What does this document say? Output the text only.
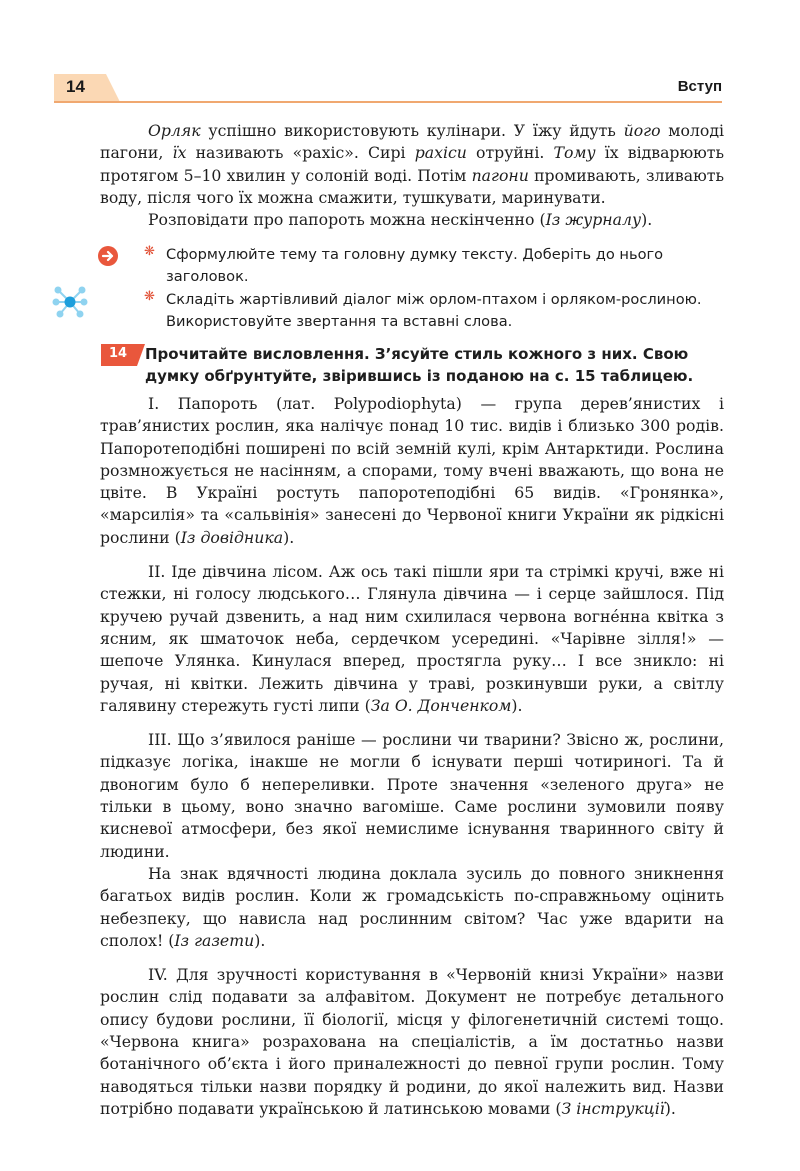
14	Вступ

Орляк успішно використовують кулінари. У їжу йдуть його молоді пагони, їх називають «рахіс». Сирі рахіси отруйні. Тому їх відварюють протягом 5–10 хвилин у солоній воді. Потім пагони промивають, зливають воду, після чого їх можна смажити, тушкувати, маринувати.

Розповідати про папороть можна нескінченно (Із журналу).

❋ Сформулюйте тему та головну думку тексту. Доберіть до нього заголовок.
❋ Складіть жартівливий діалог між орлом-птахом і орляком-рослиною. Використовуйте звертання та вставні слова.
14 Прочитайте висловлення. З’ясуйте стиль кожного з них. Свою думку обґрунтуйте, звірившись із поданою на с. 15 таблицею.

І. Папороть (лат. Polypodiophyta) — група дерев’янистих і трав’янистих рослин, яка налічує понад 10 тис. видів і близько 300 родів. Папоротеподібні поширені по всій земній кулі, крім Антарктиди. Рослина розмножується не насінням, а спорами, тому вчені вважають, що вона не цвіте. В Україні ростуть папоротеподібні 65 видів. «Гронянка», «марсилія» та «сальвінія» занесені до Червоної книги України як рідкісні рослини (Із довідника).

ІІ. Іде дівчина лісом. Аж ось такі пішли яри та стрімкі кручі, вже ні стежки, ні голосу людського… Глянула дівчина — і серце зайшлося. Під кручею ручай дзвенить, а над ним схилилася червона вогне́нна квітка з ясним, як шматочок неба, сердечком усередині. «Чарівне зілля!» — шепоче Улянка. Кинулася вперед, простягла руку… І все зникло: ні ручая, ні квітки. Лежить дівчина у траві, розкинувши руки, а світлу галявину стережуть густі липи (За О. Донченком).

ІІІ. Що з’явилося раніше — рослини чи тварини? Звісно ж, рослини, підказує логіка, інакше не могли б існувати перші чотириногі. Та й двоногим було б непереливки. Проте значення «зеленого друга» не тільки в цьому, воно значно вагоміше. Саме рослини зумовили появу кисневої атмосфери, без якої немислиме існування тваринного світу й людини.

На знак вдячності людина доклала зусиль до повного зникнення багатьох видів рослин. Коли ж громадськість по-справжньому оцінить небезпеку, що нависла над рослинним світом? Час уже вдарити на сполох! (Із газети).

IV. Для зручності користування в «Червоній книзі України» назви рослин слід подавати за алфавітом. Документ не потребує детального опису будови рослини, її біології, місця у філогенетичній системі тощо. «Червона книга» розрахована на спеціалістів, а їм достатньо назви ботанічного об’єкта і його приналежності до певної групи рослин. Тому наводяться тільки назви порядку й родини, до якої належить вид. Назви потрібно подавати українською й латинською мовами (З інструкції).
